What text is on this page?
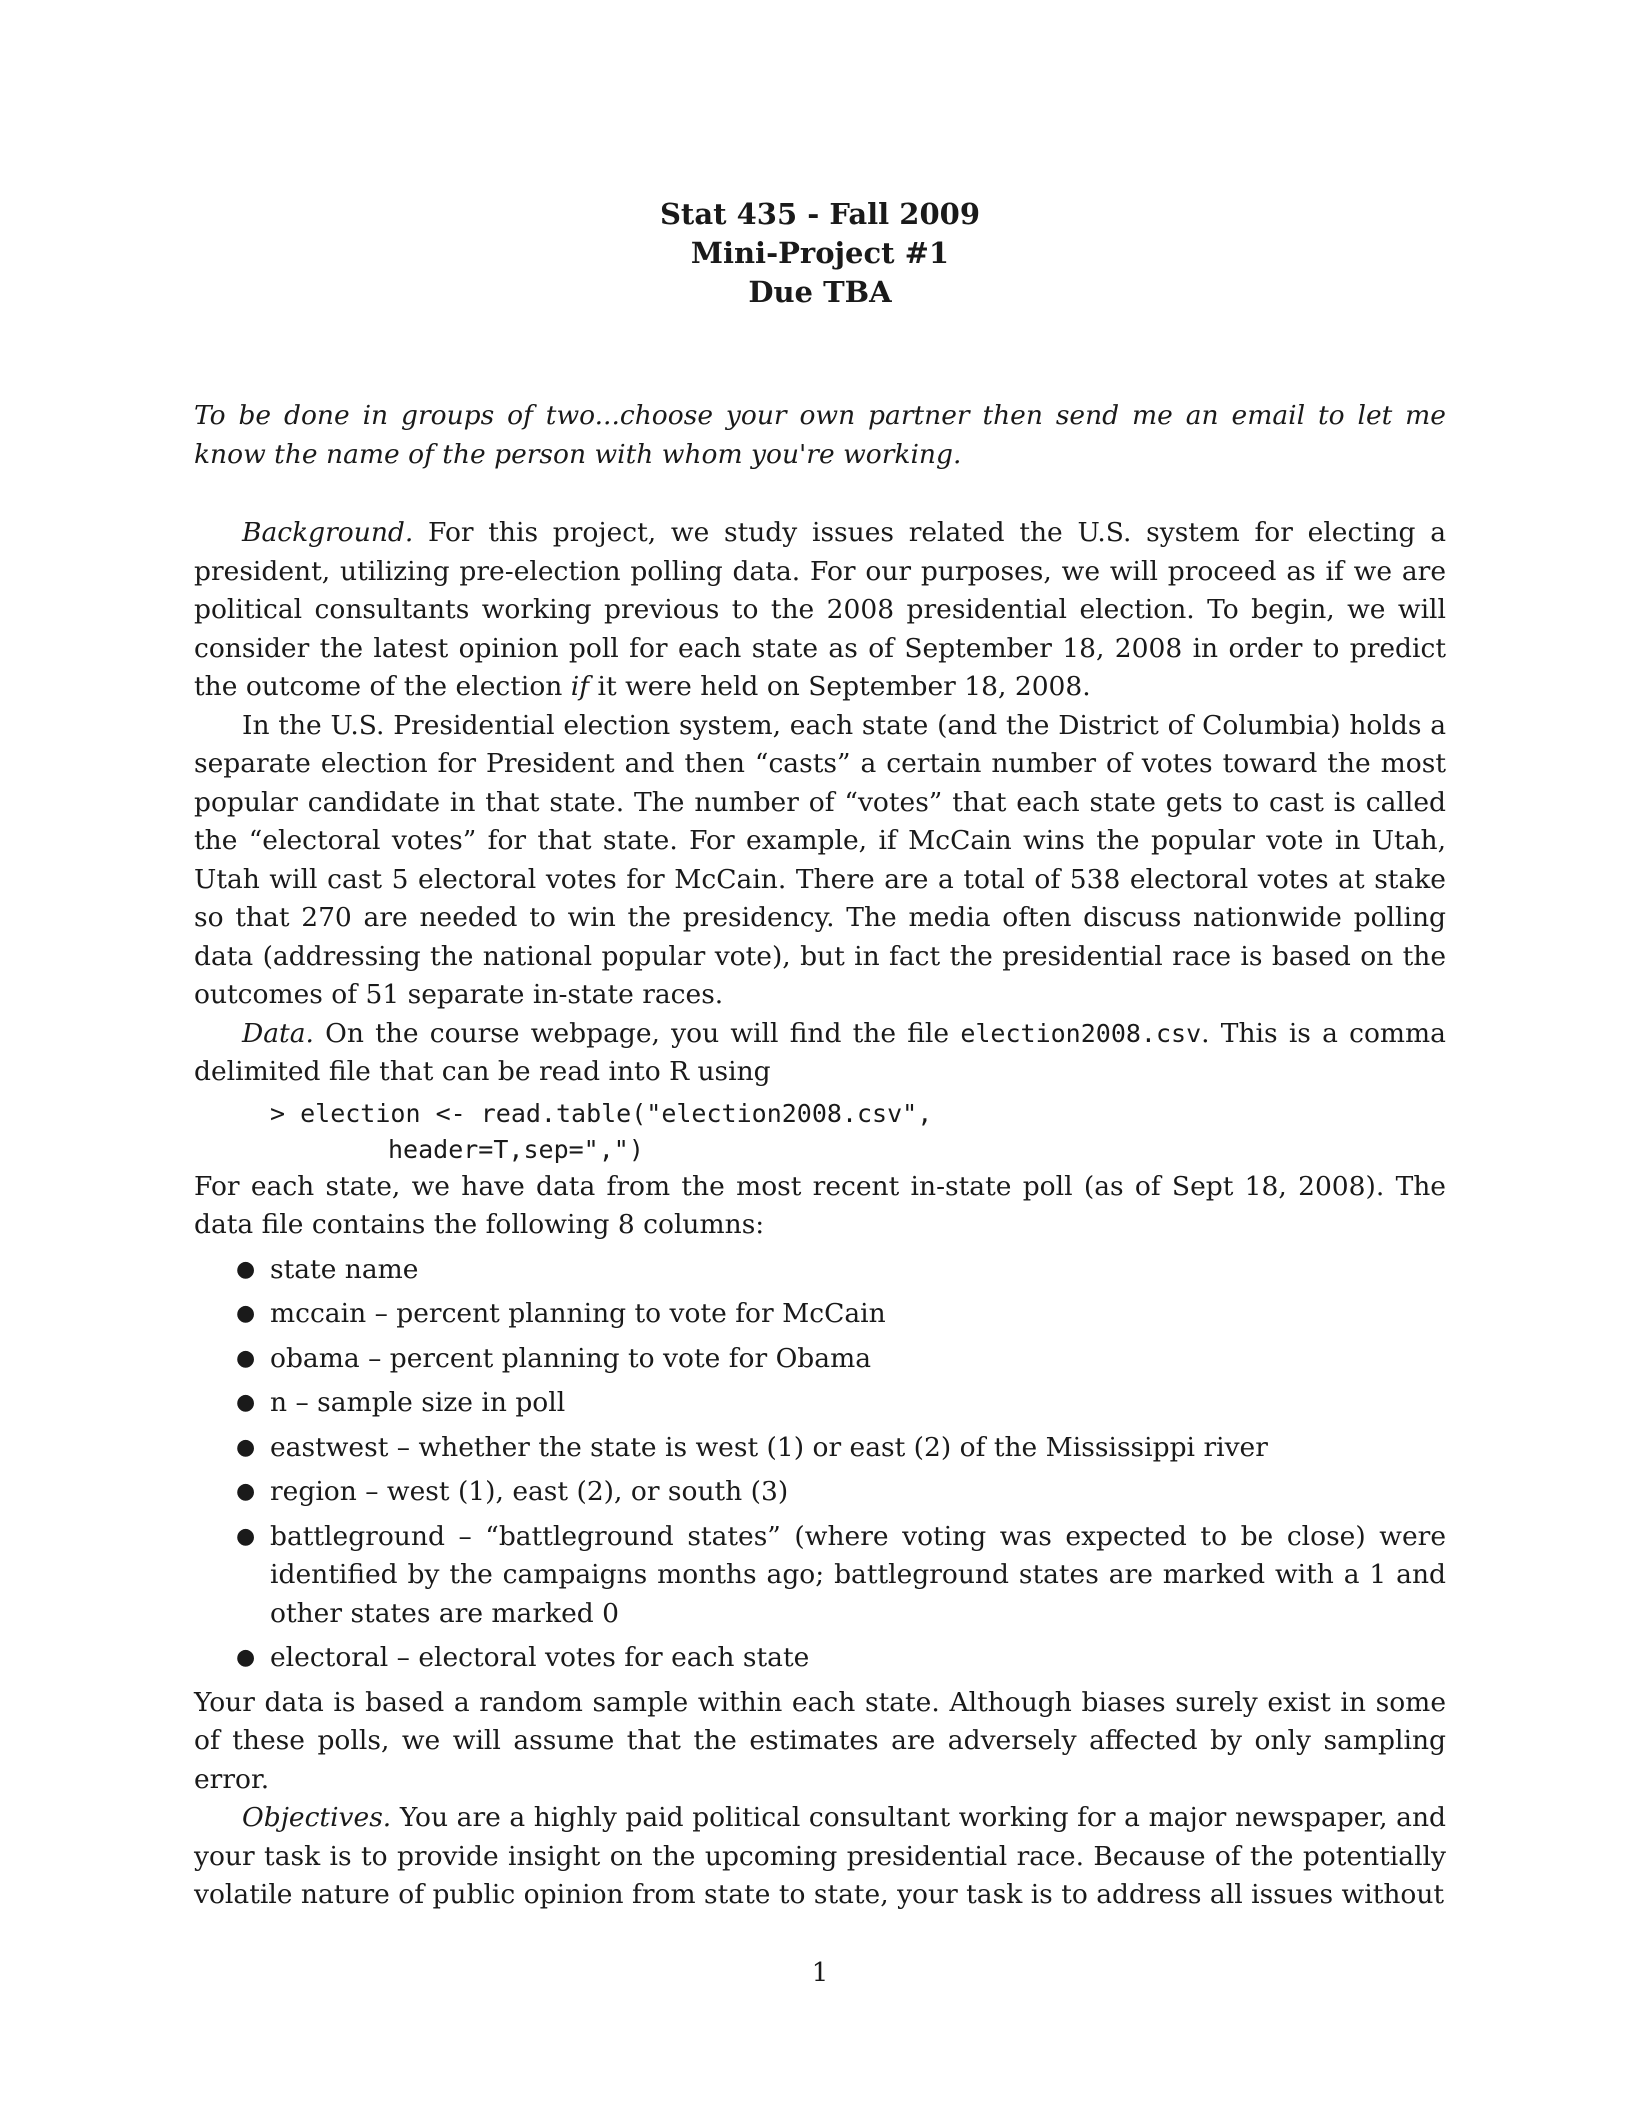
Stat 435 - Fall 2009
Mini-Project #1
Due TBA
To be done in groups of two...choose your own partner then send me an email to let me know the name of the person with whom you're working.

Background. For this project, we study issues related the U.S. system for electing a president, utilizing pre-election polling data. For our purposes, we will proceed as if we are political consultants working previous to the 2008 presidential election. To begin, we will consider the latest opinion poll for each state as of September 18, 2008 in order to predict the outcome of the election if it were held on September 18, 2008.

In the U.S. Presidential election system, each state (and the District of Columbia) holds a separate election for President and then “casts” a certain number of votes toward the most popular candidate in that state. The number of “votes” that each state gets to cast is called the “electoral votes” for that state. For example, if McCain wins the popular vote in Utah, Utah will cast 5 electoral votes for McCain. There are a total of 538 electoral votes at stake so that 270 are needed to win the presidency. The media often discuss nationwide polling data (addressing the national popular vote), but in fact the presidential race is based on the outcomes of 51 separate in-state races.

Data. On the course webpage, you will find the file election2008.csv. This is a comma delimited file that can be read into R using

> election <- read.table("election2008.csv",
header=T,sep=",")

For each state, we have data from the most recent in-state poll (as of Sept 18, 2008). The data file contains the following 8 columns:

● state name
● mccain – percent planning to vote for McCain
● obama – percent planning to vote for Obama
● n – sample size in poll
● eastwest – whether the state is west (1) or east (2) of the Mississippi river
● region – west (1), east (2), or south (3)
● battleground – “battleground states” (where voting was expected to be close) were identified by the campaigns months ago; battleground states are marked with a 1 and other states are marked 0
● electoral – electoral votes for each state

Your data is based a random sample within each state. Although biases surely exist in some of these polls, we will assume that the estimates are adversely affected by only sampling error.

Objectives. You are a highly paid political consultant working for a major newspaper, and your task is to provide insight on the upcoming presidential race. Because of the potentially volatile nature of public opinion from state to state, your task is to address all issues without

1
